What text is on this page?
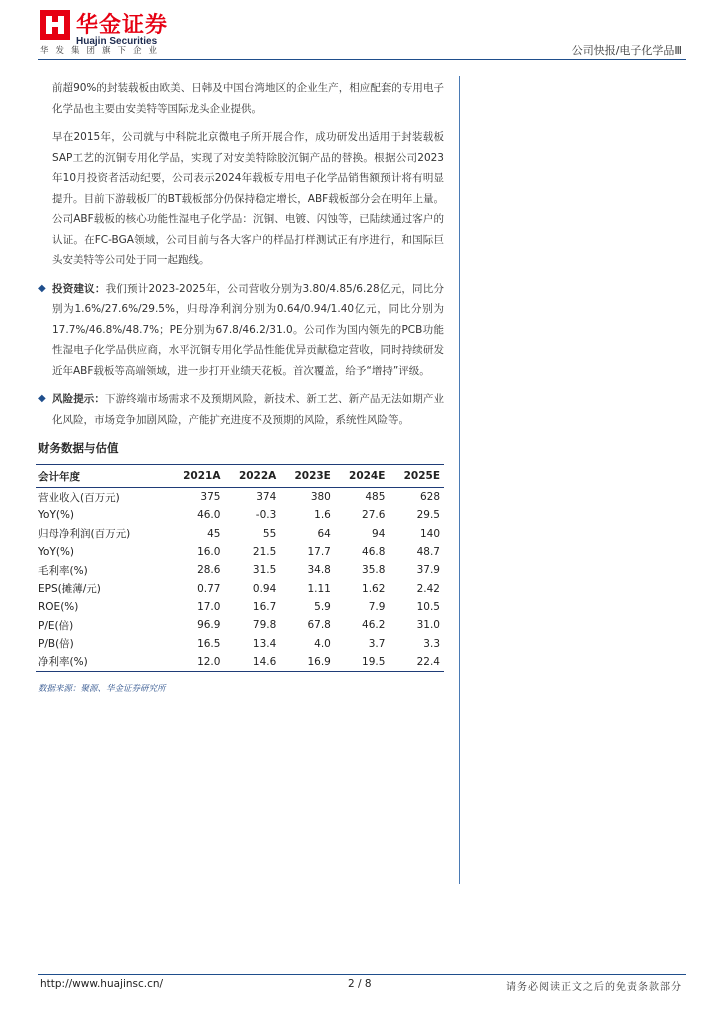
华金证券
Huajin Securities
华发集团旗下企业	公司快报/电子化学品Ⅲ

前超90%的封装载板由欧美、日韩及中国台湾地区的企业生产，相应配套的专用电子化学品也主要由安美特等国际龙头企业提供。

早在2015年，公司就与中科院北京微电子所开展合作，成功研发出适用于封装载板SAP工艺的沉铜专用化学品，实现了对安美特除胶沉铜产品的替换。根据公司2023年10月投资者活动纪要，公司表示2024年载板专用电子化学品销售额预计将有明显提升。目前下游载板厂的BT载板部分仍保持稳定增长，ABF载板部分会在明年上量。公司ABF载板的核心功能性湿电子化学品：沉铜、电镀、闪蚀等，已陆续通过客户的认证。在FC-BGA领域，公司目前与各大客户的样品打样测试正有序进行，和国际巨头安美特等公司处于同一起跑线。

◆ 投资建议：我们预计2023-2025年，公司营收分别为3.80/4.85/6.28亿元，同比分别为1.6%/27.6%/29.5%，归母净利润分别为0.64/0.94/1.40亿元，同比分别为17.7%/46.8%/48.7%；PE分别为67.8/46.2/31.0。公司作为国内领先的PCB功能性湿电子化学品供应商，水平沉铜专用化学品性能优异贡献稳定营收，同时持续研发近年ABF载板等高端领域，进一步打开业绩天花板。首次覆盖，给予“增持”评级。
◆ 风险提示：下游终端市场需求不及预期风险，新技术、新工艺、新产品无法如期产业化风险，市场竞争加剧风险，产能扩充进度不及预期的风险，系统性风险等。
财务数据与估值
会计年度	2021A	2022A	2023E	2024E	2025E
营业收入(百万元)	375	374	380	485	628
YoY(%)	46.0	-0.3	1.6	27.6	29.5
归母净利润(百万元)	45	55	64	94	140
YoY(%)	16.0	21.5	17.7	46.8	48.7
毛利率(%)	28.6	31.5	34.8	35.8	37.9
EPS(摊薄/元)	0.77	0.94	1.11	1.62	2.42
ROE(%)	17.0	16.7	5.9	7.9	10.5
P/E(倍)	96.9	79.8	67.8	46.2	31.0
P/B(倍)	16.5	13.4	4.0	3.7	3.3
净利率(%)	12.0	14.6	16.9	19.5	22.4
数据来源：聚源、华金证券研究所
http://www.huajinsc.cn/	2 / 8	请务必阅读正文之后的免责条款部分
